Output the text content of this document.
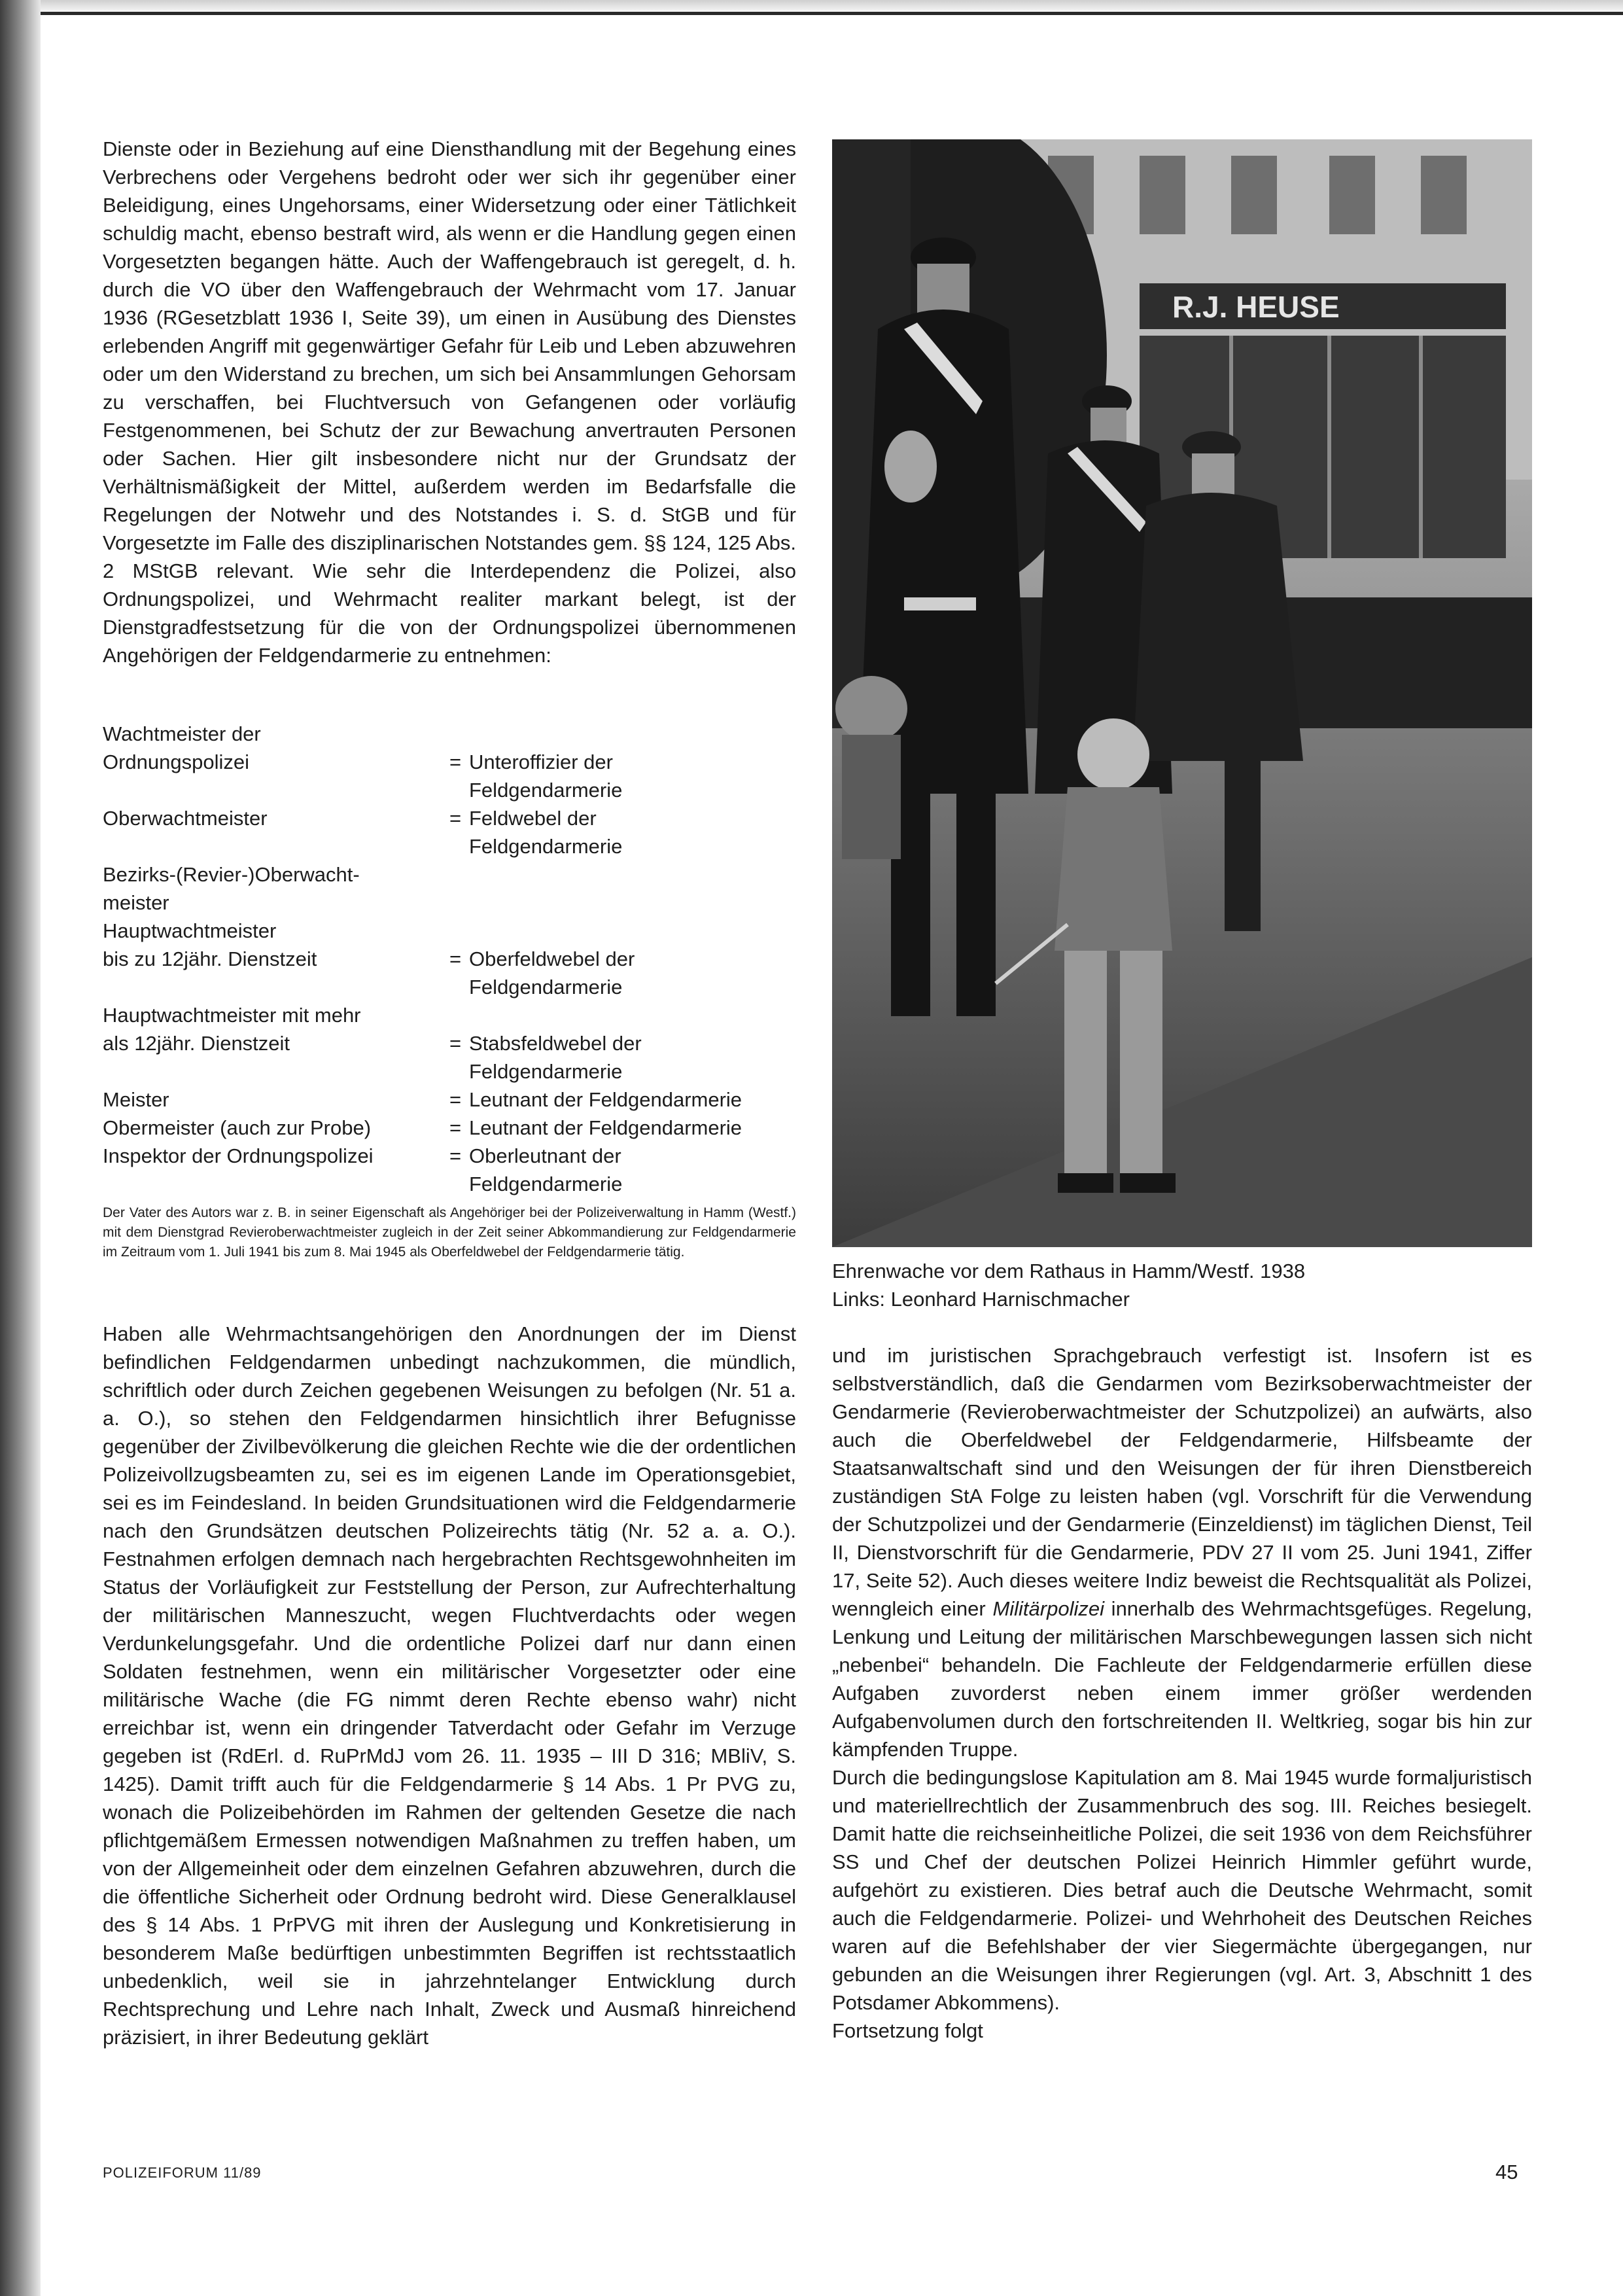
Dienste oder in Beziehung auf eine Diensthandlung mit der Begehung eines Verbrechens oder Vergehens bedroht oder wer sich ihr gegenüber einer Beleidigung, eines Ungehorsams, einer Widersetzung oder einer Tätlichkeit schuldig macht, ebenso bestraft wird, als wenn er die Handlung gegen einen Vorgesetzten begangen hätte. Auch der Waffengebrauch ist geregelt, d. h. durch die VO über den Waffengebrauch der Wehrmacht vom 17. Januar 1936 (RGesetzblatt 1936 I, Seite 39), um einen in Ausübung des Dienstes erlebenden Angriff mit gegenwärtiger Gefahr für Leib und Leben abzuwehren oder um den Widerstand zu brechen, um sich bei Ansammlungen Gehorsam zu verschaffen, bei Fluchtversuch von Gefangenen oder vorläufig Festgenommenen, bei Schutz der zur Bewachung anvertrauten Personen oder Sachen. Hier gilt insbesondere nicht nur der Grundsatz der Verhältnismäßigkeit der Mittel, außerdem werden im Bedarfsfalle die Regelungen der Notwehr und des Notstandes i. S. d. StGB und für Vorgesetzte im Falle des disziplinarischen Notstandes gem. §§ 124, 125 Abs. 2 MStGB relevant. Wie sehr die Interdependenz die Polizei, also Ordnungspolizei, und Wehrmacht realiter markant belegt, ist der Dienstgradfestsetzung für die von der Ordnungspolizei übernommenen Angehörigen der Feldgendarmerie zu entnehmen:

Wachtmeister der

Ordnungspolizei	= Unteroffizier der

Feldgendarmerie
Oberwachtmeister	= Feldwebel der

Feldgendarmerie
Bezirks-(Revier-)Oberwacht-

meister

Hauptwachtmeister

bis zu 12jähr. Dienstzeit	= Oberfeldwebel der

Feldgendarmerie
Hauptwachtmeister mit mehr

als 12jähr. Dienstzeit	= Stabsfeldwebel der

Feldgendarmerie
Meister	= Leutnant der Feldgendarmerie
Obermeister (auch zur Probe)	= Leutnant der Feldgendarmerie
Inspektor der Ordnungspolizei	= Oberleutnant der

Feldgendarmerie
Der Vater des Autors war z. B. in seiner Eigenschaft als Angehöriger bei der Polizeiverwaltung in Hamm (Westf.) mit dem Dienstgrad Revieroberwachtmeister zugleich in der Zeit seiner Abkommandierung zur Feldgendarmerie im Zeitraum vom 1. Juli 1941 bis zum 8. Mai 1945 als Oberfeldwebel der Feldgendarmerie tätig.

Haben alle Wehrmachtsangehörigen den Anordnungen der im Dienst befindlichen Feldgendarmen unbedingt nachzukommen, die mündlich, schriftlich oder durch Zeichen gegebenen Weisungen zu befolgen (Nr. 51 a. a. O.), so stehen den Feldgendarmen hinsichtlich ihrer Befugnisse gegenüber der Zivilbevölkerung die gleichen Rechte wie die der ordentlichen Polizeivollzugsbeamten zu, sei es im eigenen Lande im Operationsgebiet, sei es im Feindesland. In beiden Grundsituationen wird die Feldgendarmerie nach den Grundsätzen deutschen Polizeirechts tätig (Nr. 52 a. a. O.). Festnahmen erfolgen demnach nach hergebrachten Rechtsgewohnheiten im Status der Vorläufigkeit zur Feststellung der Person, zur Aufrechterhaltung der militärischen Manneszucht, wegen Fluchtverdachts oder wegen Verdunkelungsgefahr. Und die ordentliche Polizei darf nur dann einen Soldaten festnehmen, wenn ein militärischer Vorgesetzter oder eine militärische Wache (die FG nimmt deren Rechte ebenso wahr) nicht erreichbar ist, wenn ein dringender Tatverdacht oder Gefahr im Verzuge gegeben ist (RdErl. d. RuPrMdJ vom 26. 11. 1935 – III D 316; MBliV, S. 1425). Damit trifft auch für die Feldgendarmerie § 14 Abs. 1 Pr PVG zu, wonach die Polizeibehörden im Rahmen der geltenden Gesetze die nach pflichtgemäßem Ermessen notwendigen Maßnahmen zu treffen haben, um von der Allgemeinheit oder dem einzelnen Gefahren abzuwehren, durch die die öffentliche Sicherheit oder Ordnung bedroht wird. Diese Generalklausel des § 14 Abs. 1 PrPVG mit ihren der Auslegung und Konkretisierung in besonderem Maße bedürftigen unbestimmten Begriffen ist rechtsstaatlich unbedenklich, weil sie in jahrzehntelanger Entwicklung durch Rechtsprechung und Lehre nach Inhalt, Zweck und Ausmaß hinreichend präzisiert, in ihrer Bedeutung geklärt

R.J. HEUSE
Ehrenwache vor dem Rathaus in Hamm/Westf. 1938
Links: Leonhard Harnischmacher

und im juristischen Sprachgebrauch verfestigt ist. Insofern ist es selbstverständlich, daß die Gendarmen vom Bezirksoberwachtmeister der Gendarmerie (Revieroberwachtmeister der Schutzpolizei) an aufwärts, also auch die Oberfeldwebel der Feldgendarmerie, Hilfsbeamte der Staatsanwaltschaft sind und den Weisungen der für ihren Dienstbereich zuständigen StA Folge zu leisten haben (vgl. Vorschrift für die Verwendung der Schutzpolizei und der Gendarmerie (Einzeldienst) im täglichen Dienst, Teil II, Dienstvorschrift für die Gendarmerie, PDV 27 II vom 25. Juni 1941, Ziffer 17, Seite 52). Auch dieses weitere Indiz beweist die Rechtsqualität als Polizei, wenngleich einer Militärpolizei innerhalb des Wehrmachtsgefüges. Regelung, Lenkung und Leitung der militärischen Marschbewegungen lassen sich nicht „nebenbei“ behandeln. Die Fachleute der Feldgendarmerie erfüllen diese Aufgaben zuvorderst neben einem immer größer werdenden Aufgabenvolumen durch den fortschreitenden II. Weltkrieg, sogar bis hin zur kämpfenden Truppe.

Durch die bedingungslose Kapitulation am 8. Mai 1945 wurde formaljuristisch und materiellrechtlich der Zusammenbruch des sog. III. Reiches besiegelt. Damit hatte die reichseinheitliche Polizei, die seit 1936 von dem Reichsführer SS und Chef der deutschen Polizei Heinrich Himmler geführt wurde, aufgehört zu existieren. Dies betraf auch die Deutsche Wehrmacht, somit auch die Feldgendarmerie. Polizei- und Wehrhoheit des Deutschen Reiches waren auf die Befehlshaber der vier Siegermächte übergegangen, nur gebunden an die Weisungen ihrer Regierungen (vgl. Art. 3, Abschnitt 1 des Potsdamer Abkommens).

Fortsetzung folgt

POLIZEIFORUM 11/89	45
